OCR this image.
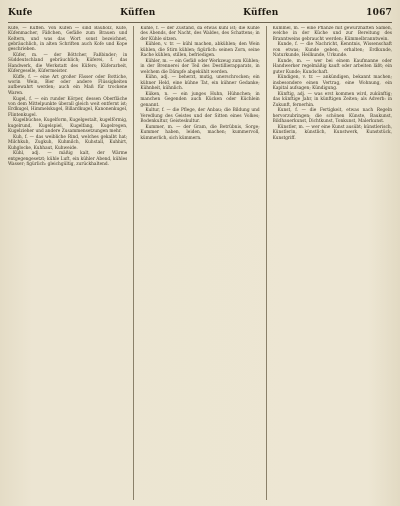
Kufe	Küffen	Küffen	1067

Kufe, — Küffen. Von Kufen — sind Bauholz, Küfe, Küfenmacher, Fäßchen, Gefäße zum Brauen und Keltern, und was das Wort sonst bezeichnet, gebräuchlich, in alten Schriften auch Kofe und Kope geschrieben.

Küfer, m. — der Böttcher, Faßbinder; in Süddeutschland gebräuchlich; Küferei, f. das Handwerk, die Werkstatt des Küfers; Küferarbeit, Küfergeselle, Küfermeister.

Küffe, f. — eine Art großer Fässer oder Bottiche, worin Wein, Bier oder andere Flüssigkeiten aufbewahrt werden; auch ein Maß für trockene Waren.

Kugel, f. — ein runder Körper, dessen Oberfläche von dem Mittelpunkte überall gleich weit entfernt ist; Erdkugel, Himmelskugel, Billardkugel, Kanonenkugel, Flintenkugel.

Kugelbüchse, Kugelform, Kugelgestalt, kugelförmig, kugelrund, Kugelspiel, Kugelfang, Kugelregen, Kugelzieher und andere Zusammensetzungen mehr.

Kuh, f. — das weibliche Rind, welches gekalbt hat; Milchkuh, Zugkuh, Kuhmilch, Kuhstall, Kuhhirt, Kuhglocke, Kuhhaut, Kuhweide.

Kühl, adj. — mäßig kalt, der Wärme entgegengesetzt; kühle Luft, ein kühler Abend, kühles Wasser; figürlich: gleichgültig, zurückhaltend.

Kühle, f. — der Zustand, da etwas kühl ist; die Kühle des Abends, der Nacht, des Waldes, des Schattens; in der Kühle sitzen.

Kühlen, v. tr. — kühl machen, abkühlen; den Wein kühlen, die Stirn kühlen; figürlich: seinen Zorn, seine Rache kühlen, stillen, befriedigen.

Kühler, m. — ein Gefäß oder Werkzeug zum Kühlen; in der Brennerei der Teil des Destillierapparats, in welchem die Dämpfe abgekühlt werden.

Kühn, adj. — beherzt, mutig, unerschrocken; ein kühner Held, eine kühne Tat, ein kühner Gedanke; Kühnheit, kühnlich.

Küken, n. — ein junges Huhn, Hühnchen; in manchen Gegenden auch Kücken oder Küchlein genannt.

Kultur, f. — die Pflege, der Anbau; die Bildung und Veredlung des Geistes und der Sitten eines Volkes; Bodenkultur, Geisteskultur.

Kummer, m. — der Gram, die Betrübnis, Sorge; Kummer haben, leiden, machen; kummervoll, kümmerlich, sich kümmern.

Kümmel, m. — eine Pflanze mit gewürzhaften Samen, welche in der Küche und zur Bereitung des Branntweins gebraucht werden; Kümmelbranntwein.

Kunde, f. — die Nachricht, Kenntnis, Wissenschaft von etwas; Kunde geben, erhalten; Erdkunde, Naturkunde, Heilkunde, Urkunde.

Kunde, m. — wer bei einem Kaufmanne oder Handwerker regelmäßig kauft oder arbeiten läßt; ein guter Kunde; Kundschaft.

Kündigen, v. tr. — ankündigen, bekannt machen; insbesondere einen Vertrag, eine Wohnung, ein Kapital aufsagen; Kündigung.

Künftig, adj. — was erst kommen wird, zukünftig; das künftige Jahr, in künftigen Zeiten; als Adverb: in Zukunft, fernerhin.

Kunst, f. — die Fertigkeit, etwas nach Regeln hervorzubringen; die schönen Künste, Baukunst, Bildhauerkunst, Dichtkunst, Tonkunst, Malerkunst.

Künstler, m. — wer eine Kunst ausübt; künstlerisch, Künstlerin, künstlich, Kunstwerk, Kunststück, Kunstgriff.
